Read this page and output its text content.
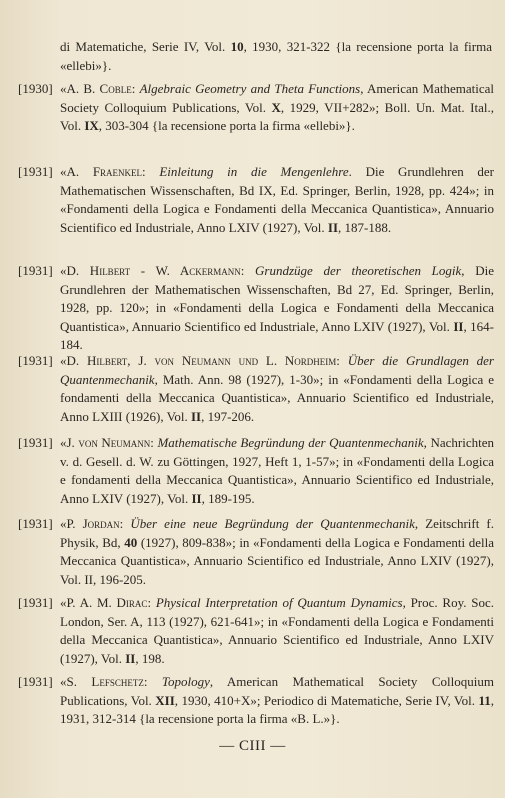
di Matematiche, Serie IV, Vol. 10, 1930, 321-322 {la recensione porta la firma «ellebi»}.
[1930] «A. B. Coble: Algebraic Geometry and Theta Functions, American Mathematical Society Colloquium Publications, Vol. X, 1929, VII+282»; Boll. Un. Mat. Ital., Vol. IX, 303-304 {la recensione porta la firma «ellebi»}.
[1931] «A. Fraenkel: Einleitung in die Mengenlehre. Die Grundlehren der Mathematischen Wissenschaften, Bd IX, Ed. Springer, Berlin, 1928, pp. 424»; in «Fondamenti della Logica e Fondamenti della Meccanica Quantistica», Annuario Scientifico ed Industriale, Anno LXIV (1927), Vol. II, 187-188.
[1931] «D. Hilbert - W. Ackermann: Grundzüge der theoretischen Logik, Die Grundlehren der Mathematischen Wissenschaften, Bd 27, Ed. Springer, Berlin, 1928, pp. 120»; in «Fondamenti della Logica e Fondamenti della Meccanica Quantistica», Annuario Scientifico ed Industriale, Anno LXIV (1927), Vol. II, 164-184.
[1931] «D. Hilbert, J. von Neumann und L. Nordheim: Über die Grundlagen der Quantenmechanik, Math. Ann. 98 (1927), 1-30»; in «Fondamenti della Logica e fondamenti della Meccanica Quantistica», Annuario Scientifico ed Industriale, Anno LXIII (1926), Vol. II, 197-206.
[1931] «J. von Neumann: Mathematische Begründung der Quantenmechanik, Nachrichten v. d. Gesell. d. W. zu Göttingen, 1927, Heft 1, 1-57»; in «Fondamenti della Logica e fondamenti della Meccanica Quantistica», Annuario Scientifico ed Industriale, Anno LXIV (1927), Vol. II, 189-195.
[1931] «P. Jordan: Über eine neue Begründung der Quantenmechanik, Zeitschrift f. Physik, Bd, 40 (1927), 809-838»; in «Fondamenti della Logica e Fondamenti della Meccanica Quantistica», Annuario Scientifico ed Industriale, Anno LXIV (1927), Vol. II, 196-205.
[1931] «P. A. M. Dirac: Physical Interpretation of Quantum Dynamics, Proc. Roy. Soc. London, Ser. A, 113 (1927), 621-641»; in «Fondamenti della Logica e Fondamenti della Meccanica Quantistica», Annuario Scientifico ed Industriale, Anno LXIV (1927), Vol. II, 198.
[1931] «S. Lefschetz: Topology, American Mathematical Society Colloquium Publications, Vol. XII, 1930, 410+X»; Periodico di Matematiche, Serie IV, Vol. 11, 1931, 312-314 {la recensione porta la firma «B. L.»}.
— CIII —
